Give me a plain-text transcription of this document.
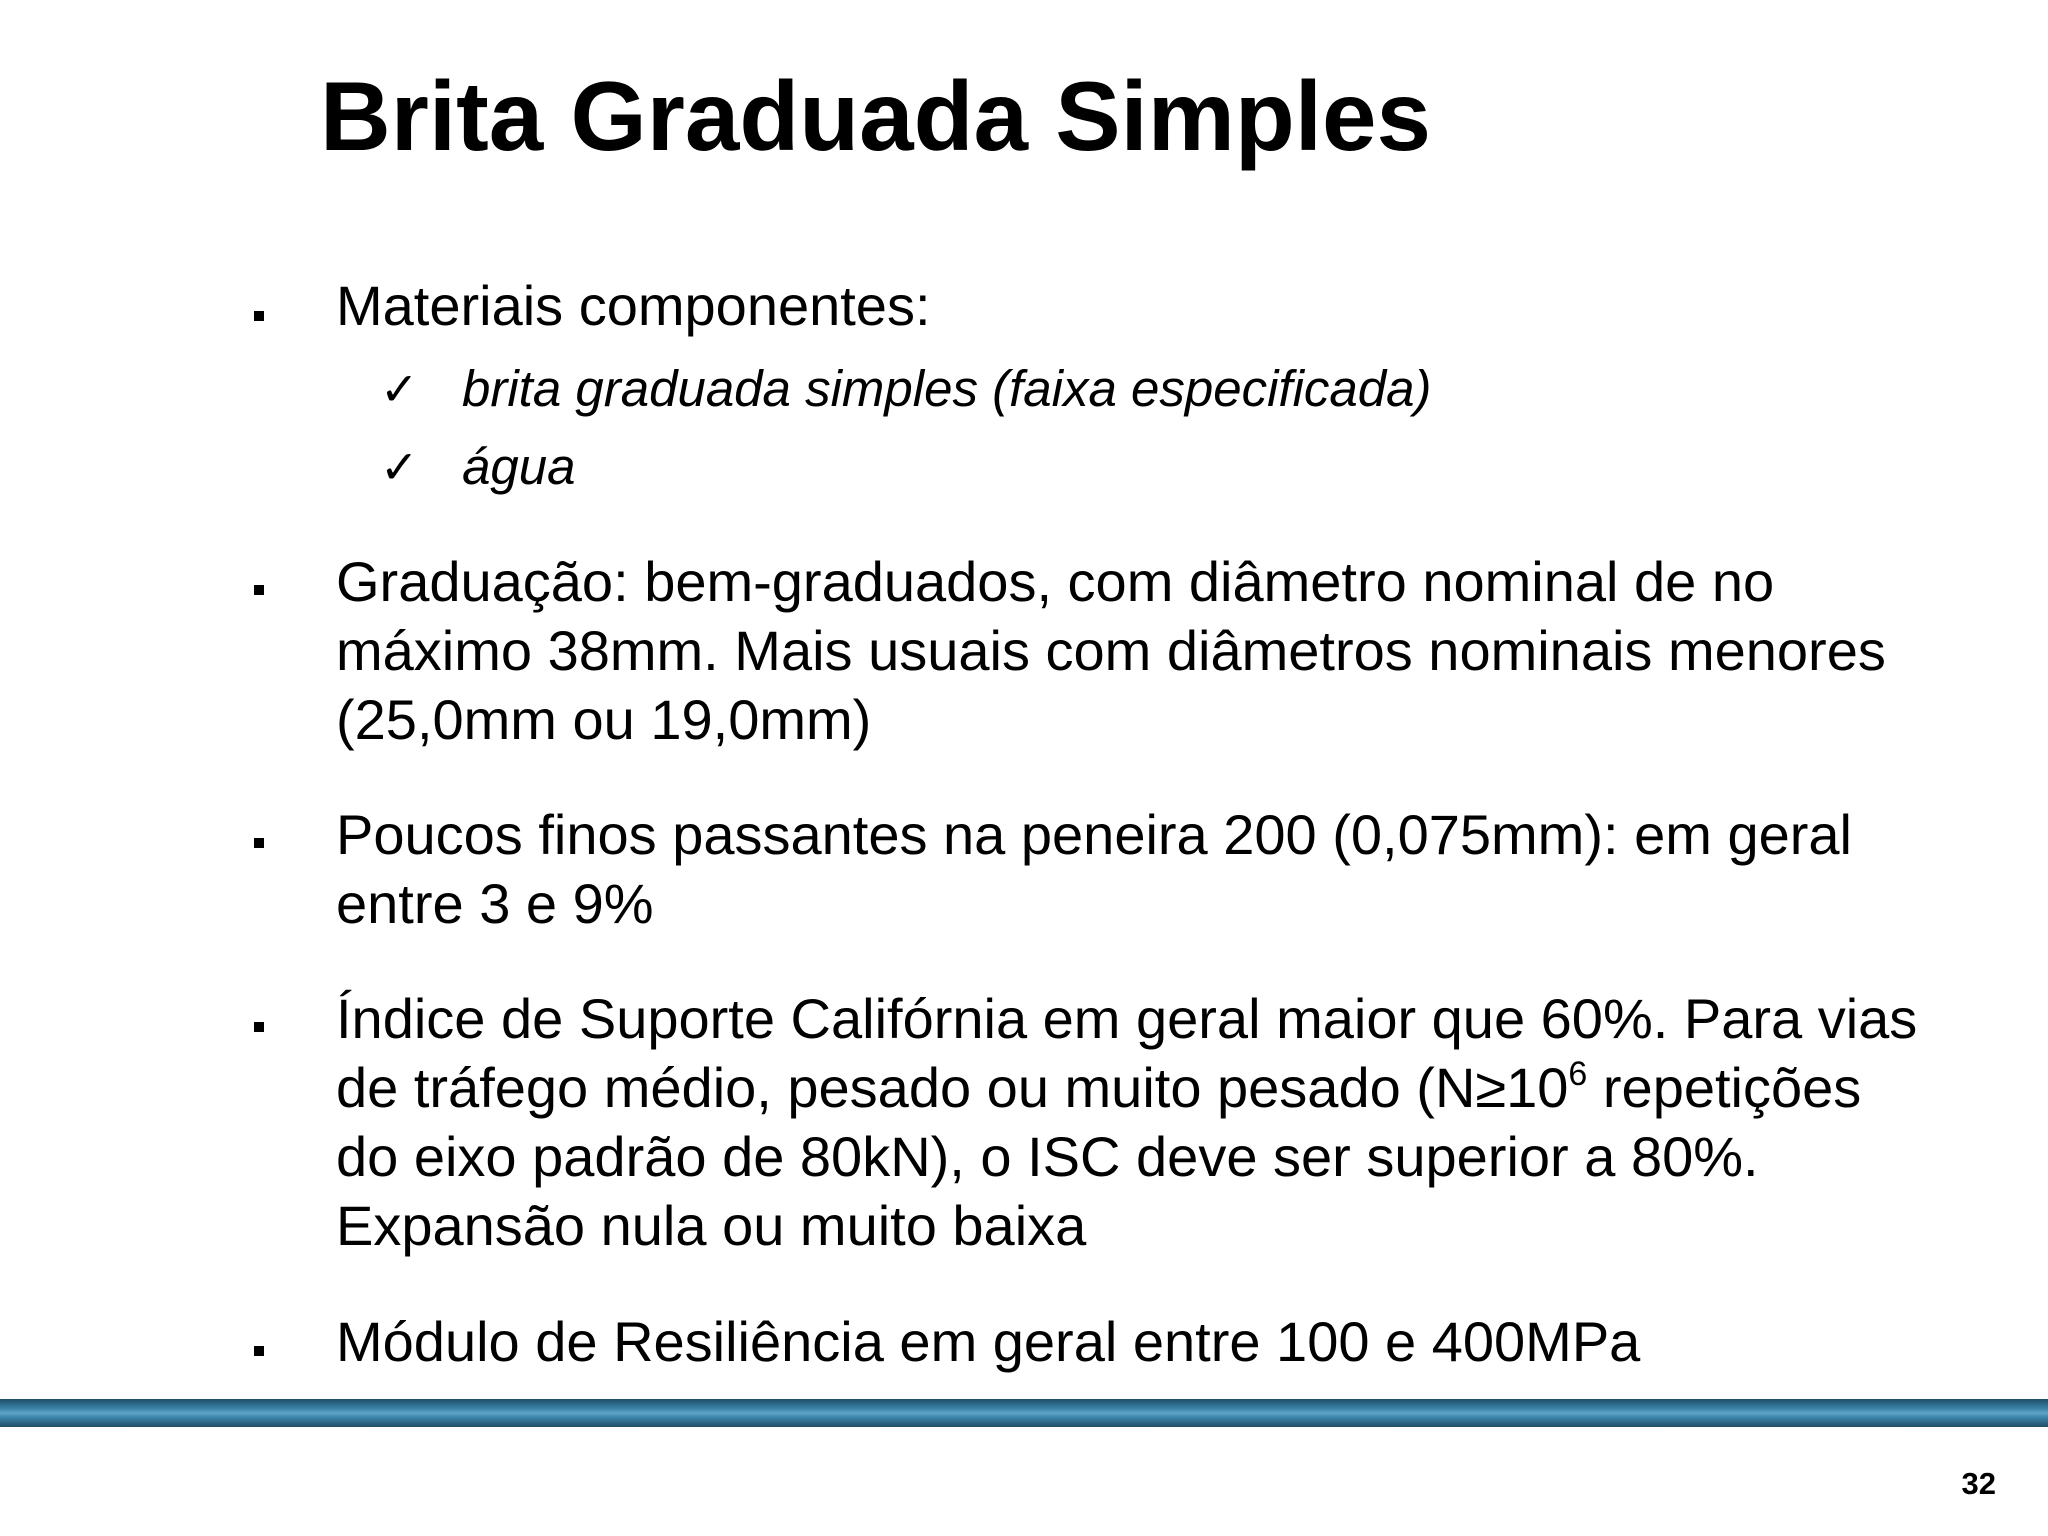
Brita Graduada Simples
Materiais componentes:
✓ brita graduada simples (faixa especificada)
✓ água
Graduação: bem-graduados, com diâmetro nominal de no máximo 38mm. Mais usuais com diâmetros nominais menores (25,0mm ou 19,0mm)
Poucos finos passantes na peneira 200 (0,075mm): em geral entre 3 e 9%
Índice de Suporte Califórnia em geral maior que 60%. Para vias de tráfego médio, pesado ou muito pesado ($N\ge 10^6$ repetições do eixo padrão de 80kN), o ISC deve ser superior a 80%. Expansão nula ou muito baixa
Módulo de Resiliência em geral entre 100 e 400MPa
32
